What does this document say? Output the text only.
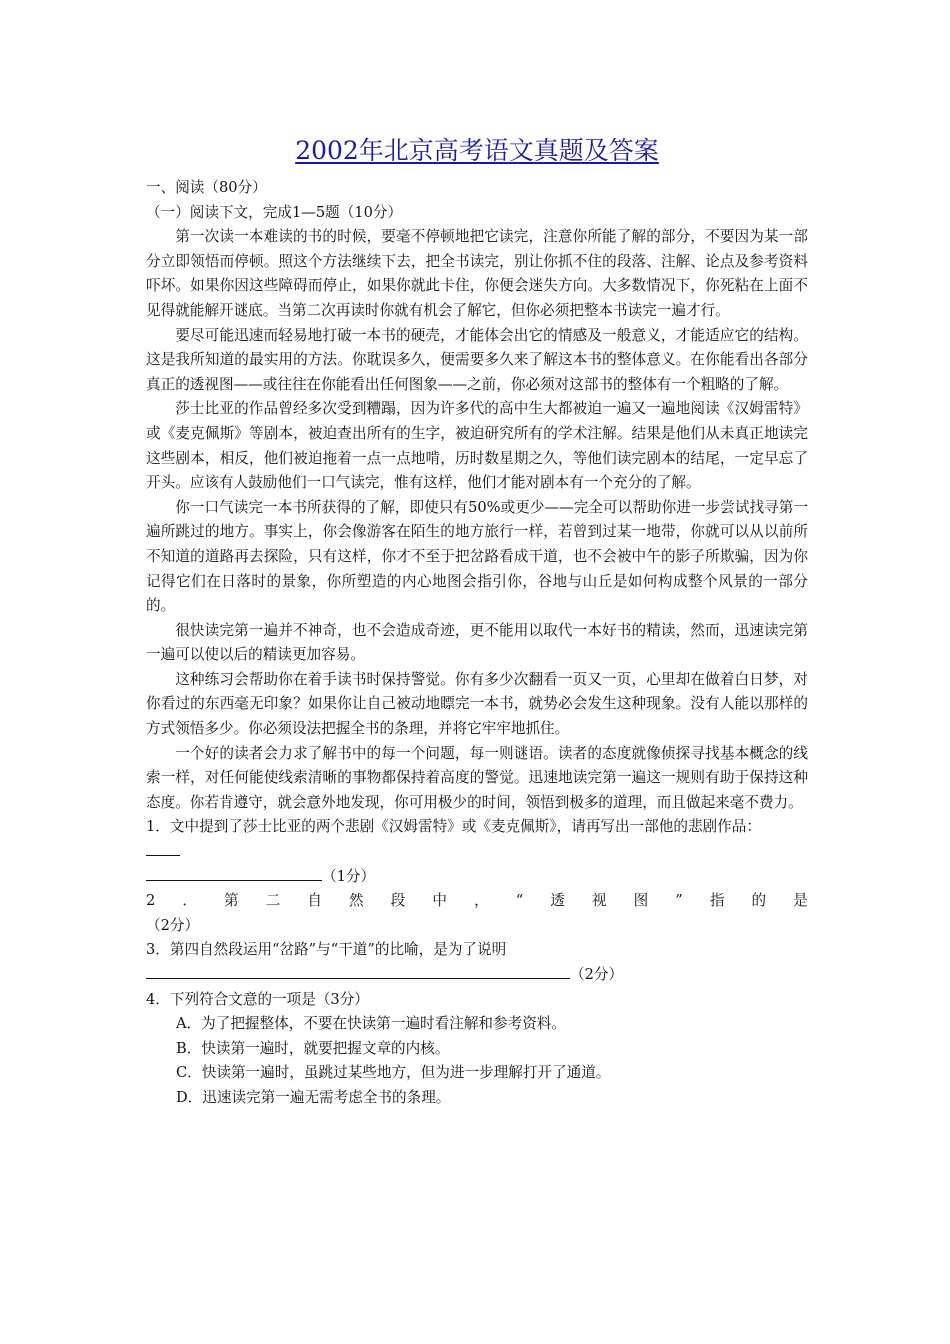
2002年北京高考语文真题及答案
一、阅读（80分）
（一）阅读下文，完成1—5题（10分）

第一次读一本难读的书的时候，要毫不停顿地把它读完，注意你所能了解的部分，不要因为某一部分立即领悟而停顿。照这个方法继续下去，把全书读完，别让你抓不住的段落、注解、论点及参考资料吓坏。如果你因这些障碍而停止，如果你就此卡住，你便会迷失方向。大多数情况下，你死粘在上面不见得就能解开谜底。当第二次再读时你就有机会了解它，但你必须把整本书读完一遍才行。

要尽可能迅速而轻易地打破一本书的硬壳，才能体会出它的情感及一般意义，才能适应它的结构。这是我所知道的最实用的方法。你耽误多久，便需要多久来了解这本书的整体意义。在你能看出各部分真正的透视图——或往往在你能看出任何图象——之前，你必须对这部书的整体有一个粗略的了解。

莎士比亚的作品曾经多次受到糟蹋，因为许多代的高中生大都被迫一遍又一遍地阅读《汉姆雷特》或《麦克佩斯》等剧本，被迫查出所有的生字，被迫研究所有的学术注解。结果是他们从未真正地读完这些剧本，相反，他们被迫拖着一点一点地啃，历时数星期之久，等他们读完剧本的结尾，一定早忘了开头。应该有人鼓励他们一口气读完，惟有这样，他们才能对剧本有一个充分的了解。

你一口气读完一本书所获得的了解，即使只有50%或更少——完全可以帮助你进一步尝试找寻第一遍所跳过的地方。事实上，你会像游客在陌生的地方旅行一样，若曾到过某一地带，你就可以从以前所不知道的道路再去探险，只有这样，你才不至于把岔路看成干道，也不会被中午的影子所欺骗，因为你记得它们在日落时的景象，你所塑造的内心地图会指引你，谷地与山丘是如何构成整个风景的一部分的。

很快读完第一遍并不神奇，也不会造成奇迹，更不能用以取代一本好书的精读，然而，迅速读完第一遍可以使以后的精读更加容易。

这种练习会帮助你在着手读书时保持警觉。你有多少次翻看一页又一页，心里却在做着白日梦，对你看过的东西毫无印象？如果你让自己被动地瞟完一本书，就势必会发生这种现象。没有人能以那样的方式领悟多少。你必须设法把握全书的条理，并将它牢牢地抓住。

一个好的读者会力求了解书中的每一个问题，每一则谜语。读者的态度就像侦探寻找基本概念的线索一样，对任何能使线索清晰的事物都保持着高度的警觉。迅速地读完第一遍这一规则有助于保持这种态度。你若肯遵守，就会意外地发现，你可用极少的时间，领悟到极多的道理，而且做起来毫不费力。

1．文中提到了莎士比亚的两个悲剧《汉姆雷特》或《麦克佩斯》，请再写出一部他的悲剧作品：
（1分）
2 ． 第 二 自 然 段 中 ， “ 透 视 图 ” 指 的 是
（2分）
3．第四自然段运用“岔路”与“干道”的比喻，是为了说明
（2分）
4．下列符合文意的一项是（3分）
A．为了把握整体，不要在快读第一遍时看注解和参考资料。
B．快读第一遍时，就要把握文章的内核。
C．快读第一遍时，虽跳过某些地方，但为进一步理解打开了通道。
D．迅速读完第一遍无需考虑全书的条理。
